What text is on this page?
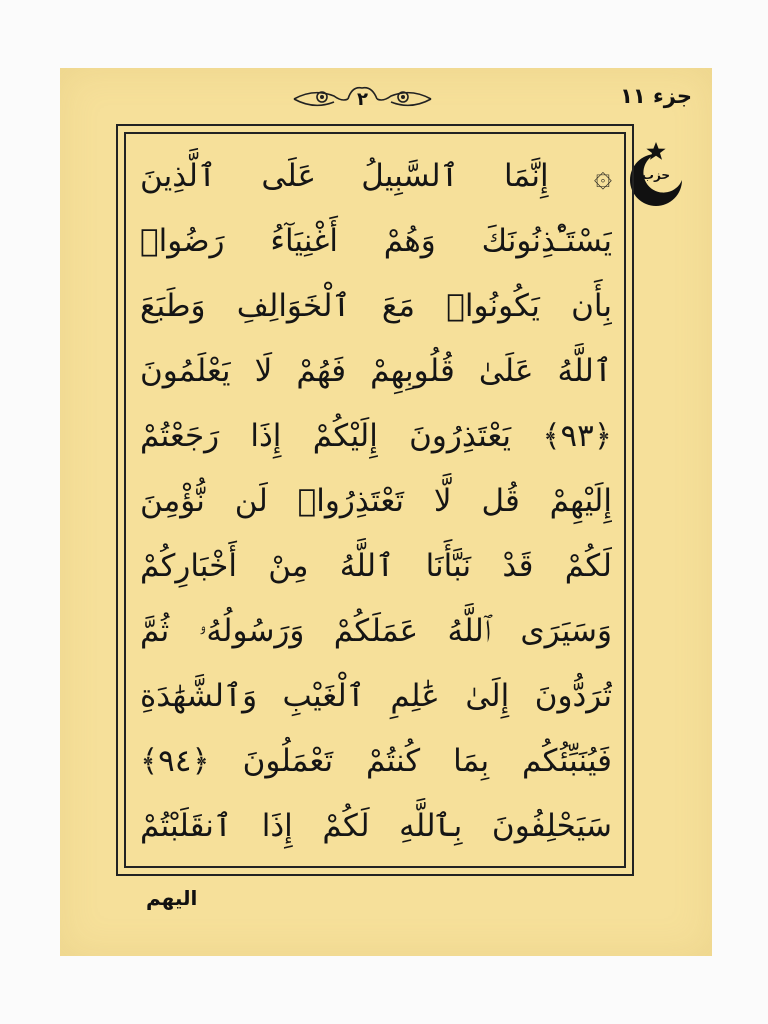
جزء ١١
٢
حزب
۞ إِنَّمَا ٱلسَّبِيلُ عَلَى ٱلَّذِينَ
يَسْتَـْٔذِنُونَكَ وَهُمْ أَغْنِيَآءُ رَضُوا۟
بِأَن يَكُونُوا۟ مَعَ ٱلْخَوَالِفِ وَطَبَعَ
ٱللَّهُ عَلَىٰ قُلُوبِهِمْ فَهُمْ لَا يَعْلَمُونَ
﴿٩٣﴾ يَعْتَذِرُونَ إِلَيْكُمْ إِذَا رَجَعْتُمْ
إِلَيْهِمْ قُل لَّا تَعْتَذِرُوا۟ لَن نُّؤْمِنَ
لَكُمْ قَدْ نَبَّأَنَا ٱللَّهُ مِنْ أَخْبَارِكُمْ
وَسَيَرَى ٱللَّهُ عَمَلَكُمْ وَرَسُولُهُۥ ثُمَّ
تُرَدُّونَ إِلَىٰ عَٰلِمِ ٱلْغَيْبِ وَٱلشَّهَٰدَةِ
فَيُنَبِّئُكُم بِمَا كُنتُمْ تَعْمَلُونَ ﴿٩٤﴾
سَيَحْلِفُونَ بِٱللَّهِ لَكُمْ إِذَا ٱنقَلَبْتُمْ
اليهم
